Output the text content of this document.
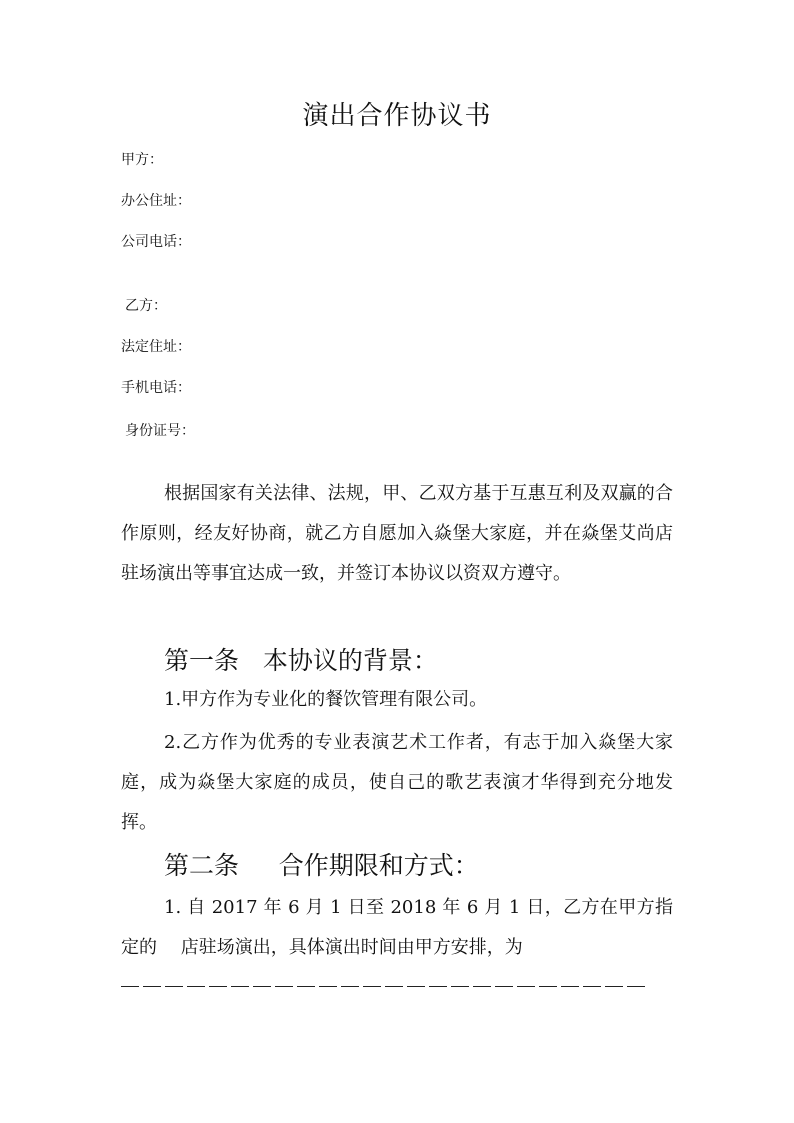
演出合作协议书
甲方：
办公住址：
公司电话：
乙方：
法定住址：
手机电话：
身份证号：

根据国家有关法律、法规，甲、乙双方基于互惠互利及双赢的合作原则，经友好协商，就乙方自愿加入焱堡大家庭，并在焱堡艾尚店驻场演出等事宜达成一致，并签订本协议以资双方遵守。

第一条 本协议的背景：

1.甲方作为专业化的餐饮管理有限公司。

2.乙方作为优秀的专业表演艺术工作者，有志于加入焱堡大家庭，成为焱堡大家庭的成员，使自己的歌艺表演才华得到充分地发挥。

第二条 合作期限和方式：

1. 自 2017 年 6 月 1 日至 2018 年 6 月 1 日，乙方在甲方指定的　 店驻场演出，具体演出时间由甲方安排，为
